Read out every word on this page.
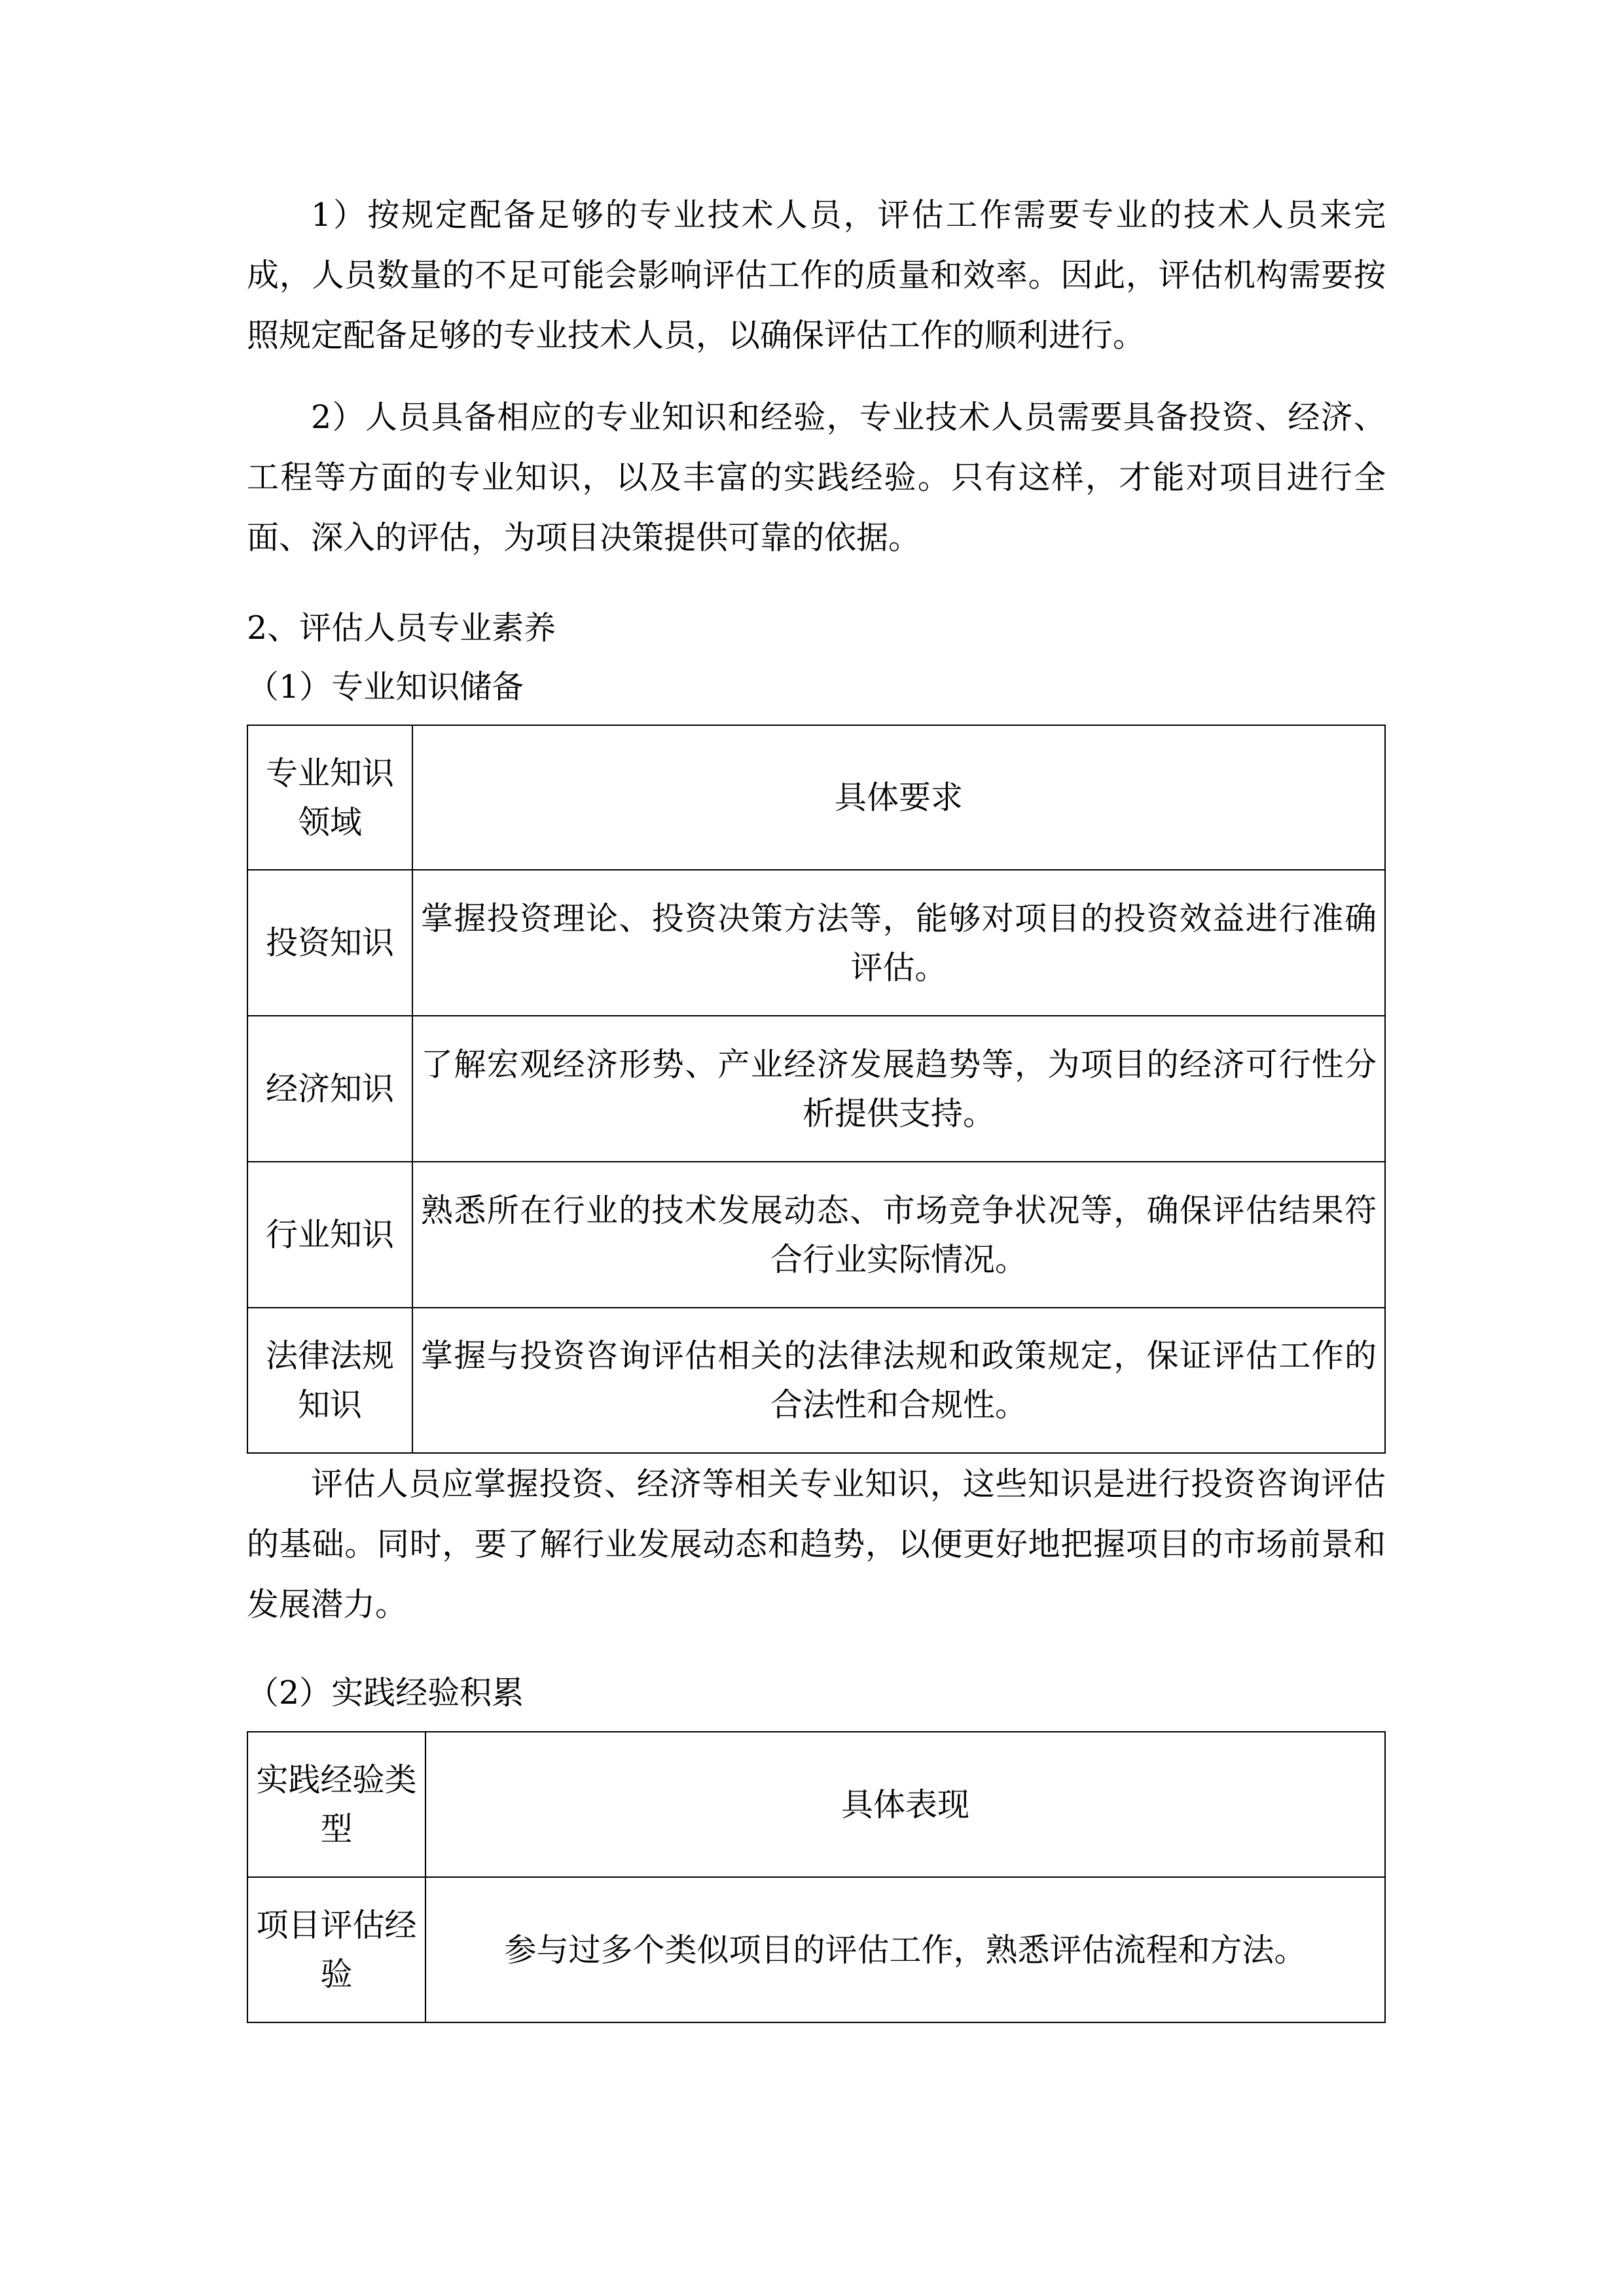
1）按规定配备足够的专业技术人员，评估工作需要专业的技术人员来完成，人员数量的不足可能会影响评估工作的质量和效率。因此，评估机构需要按照规定配备足够的专业技术人员，以确保评估工作的顺利进行。

2）人员具备相应的专业知识和经验，专业技术人员需要具备投资、经济、工程等方面的专业知识，以及丰富的实践经验。只有这样，才能对项目进行全面、深入的评估，为项目决策提供可靠的依据。

2、评估人员专业素养

（1）专业知识储备

专业知识领域	具体要求
投资知识	掌握投资理论、投资决策方法等，能够对项目的投资效益进行准确评估。
经济知识	了解宏观经济形势、产业经济发展趋势等，为项目的经济可行性分析提供支持。
行业知识	熟悉所在行业的技术发展动态、市场竞争状况等，确保评估结果符合行业实际情况。
法律法规知识	掌握与投资咨询评估相关的法律法规和政策规定，保证评估工作的合法性和合规性。

评估人员应掌握投资、经济等相关专业知识，这些知识是进行投资咨询评估的基础。同时，要了解行业发展动态和趋势，以便更好地把握项目的市场前景和发展潜力。

（2）实践经验积累

实践经验类型	具体表现
项目评估经验	参与过多个类似项目的评估工作，熟悉评估流程和方法。
